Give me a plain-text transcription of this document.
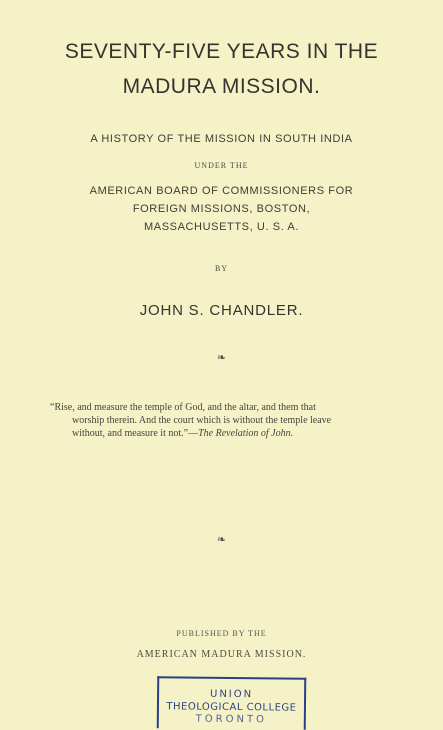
SEVENTY-FIVE YEARS IN THE
MADURA MISSION.
A HISTORY OF THE MISSION IN SOUTH INDIA
UNDER THE
AMERICAN BOARD OF COMMISSIONERS FOR
FOREIGN MISSIONS, BOSTON,
MASSACHUSETTS, U. S. A.
BY
JOHN S. CHANDLER.
❧
“Rise, and measure the temple of God, and the altar, and them that
worship therein. And the court which is without the temple leave
without, and measure it not.”—The Revelation of John.
❧
PUBLISHED BY THE
AMERICAN MADURA MISSION.
UNION
THEOLOGICAL COLLEGE
TORONTO
